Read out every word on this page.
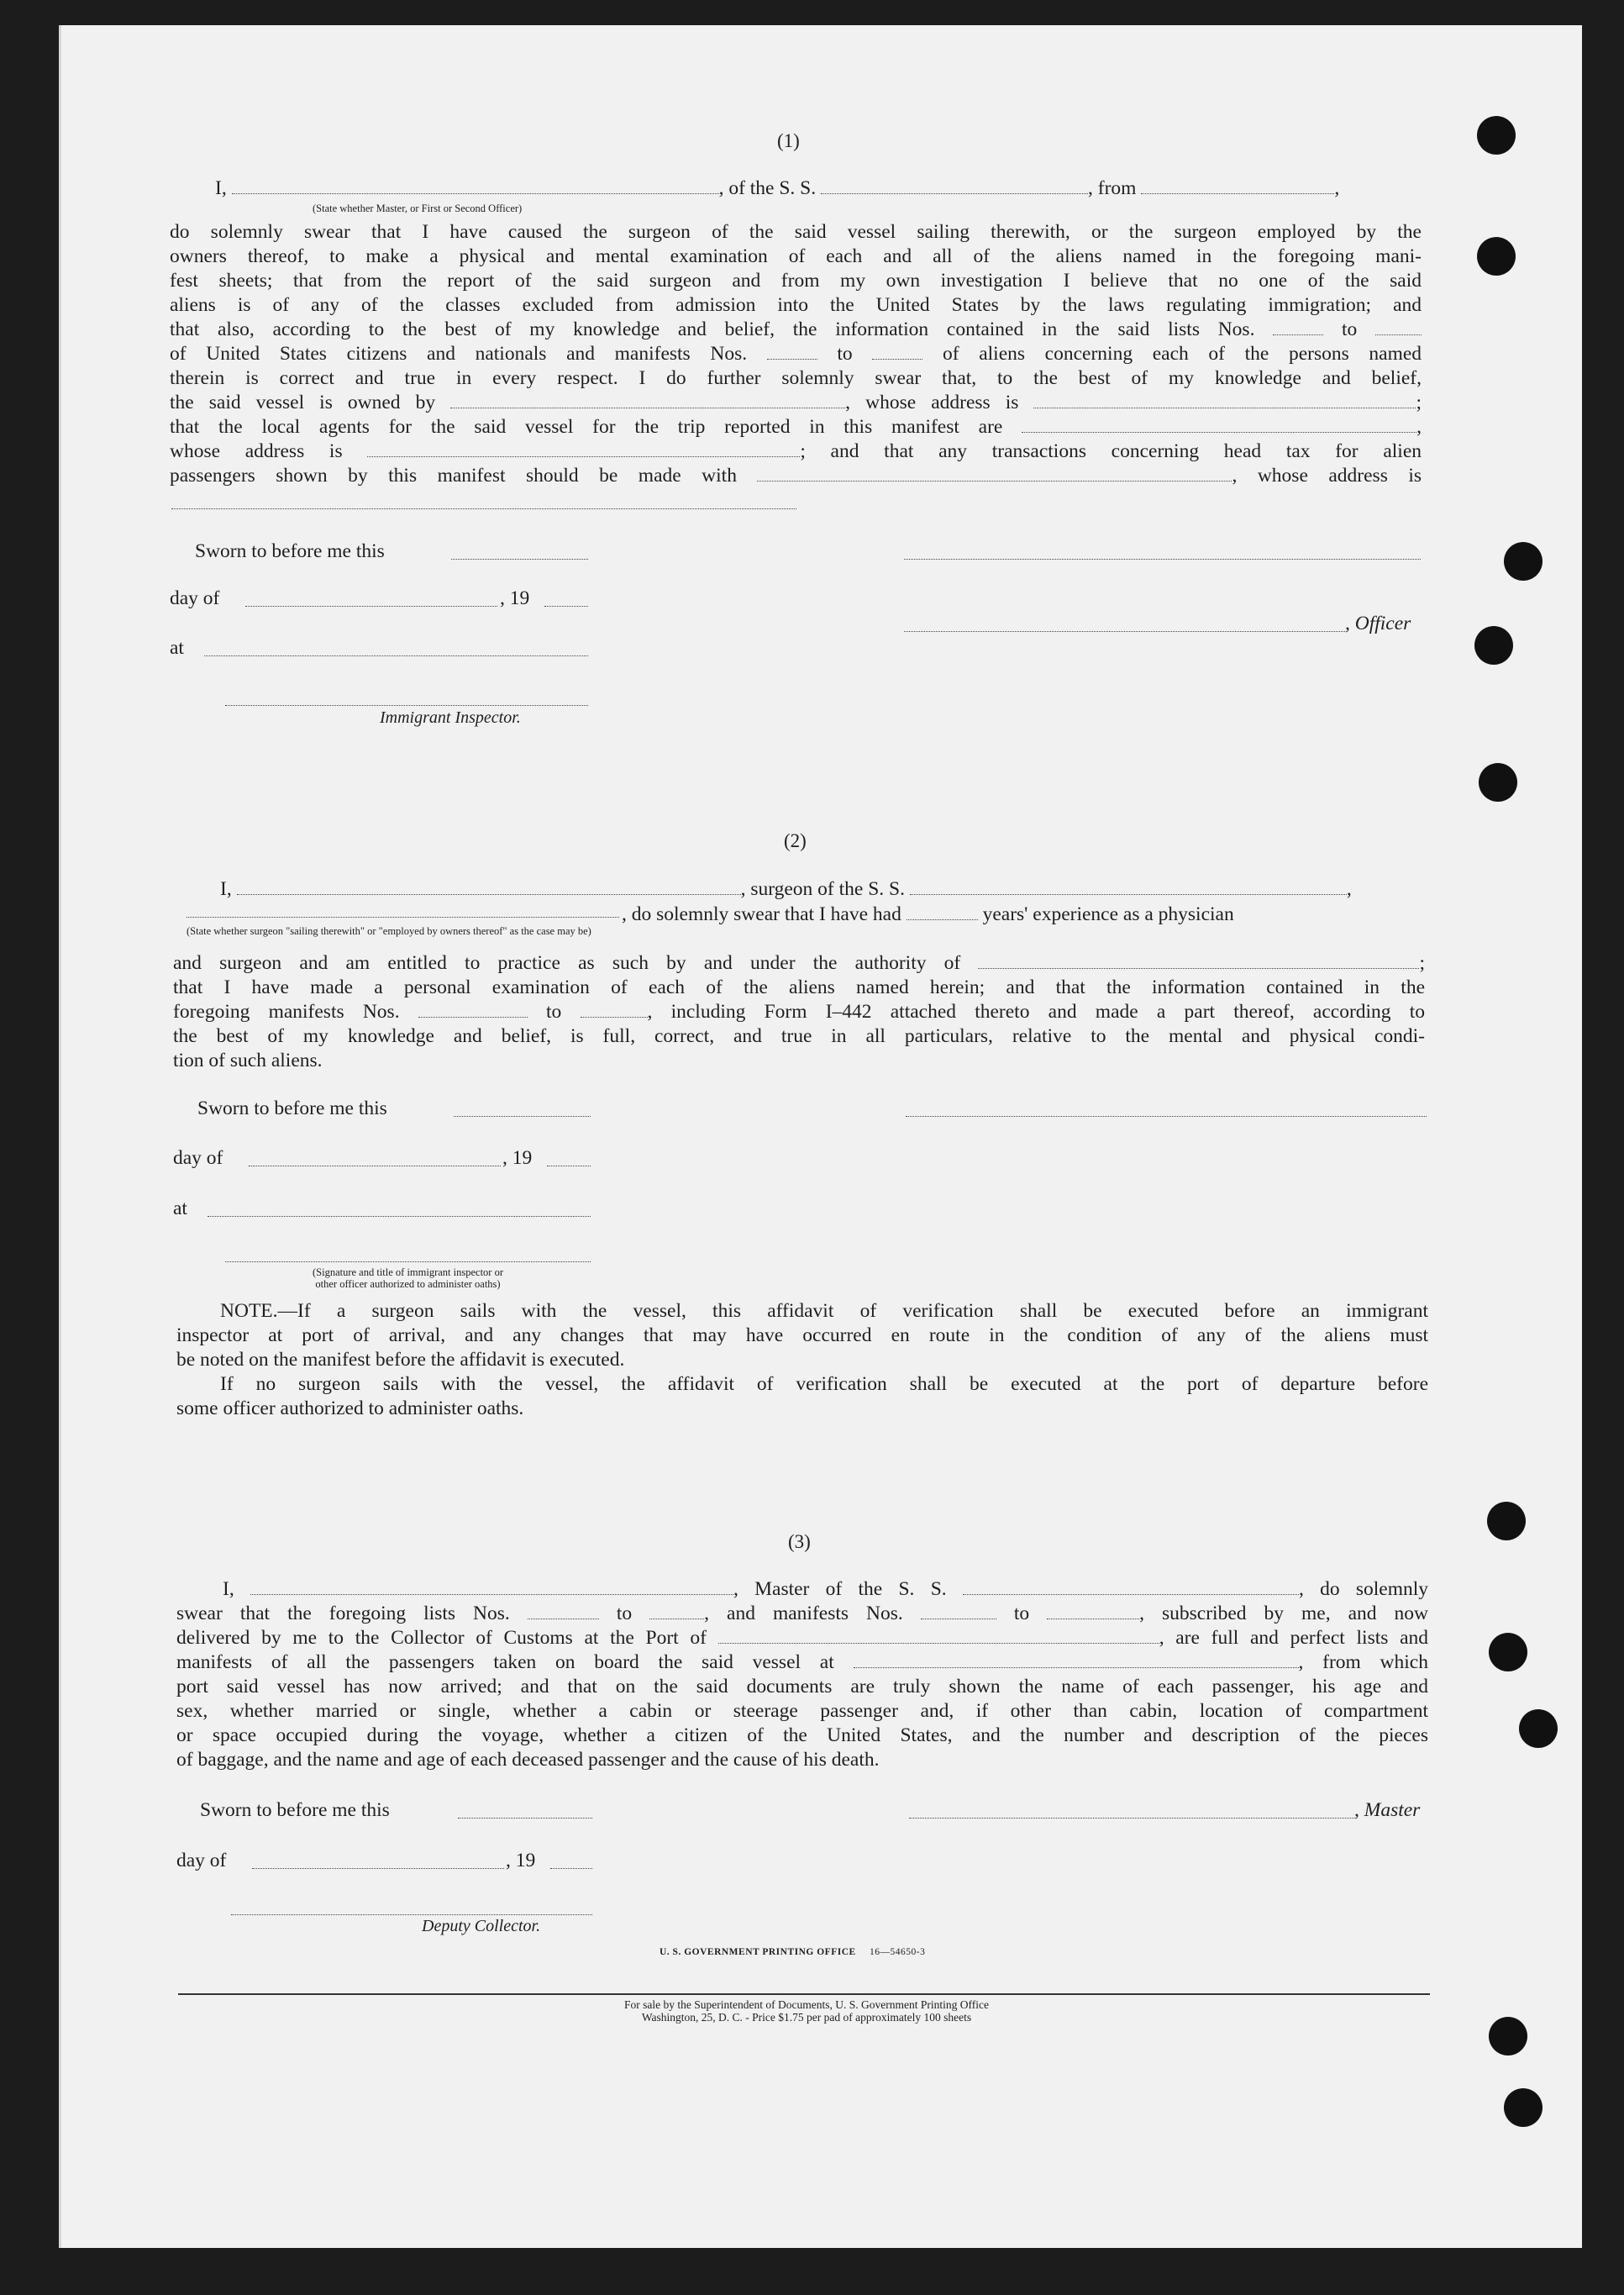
(1)
I,	, of the S. S.	, from	,
(State whether Master, or First or Second Officer)

do solemnly swear that I have caused the surgeon of the said vessel sailing therewith, or the surgeon employed by the

owners thereof, to make a physical and mental examination of each and all of the aliens named in the foregoing mani-

fest sheets; that from the report of the said surgeon and from my own investigation I believe that no one of the said

aliens is of any of the classes excluded from admission into the United States by the laws regulating immigration; and

that also, according to the best of my knowledge and belief, the information contained in the said lists Nos.	to

of United States citizens and nationals and manifests Nos.	to	of aliens concerning each of the persons named

therein is correct and true in every respect. I do further solemnly swear that, to the best of my knowledge and belief,

the said vessel is owned by	, whose address is	;

that the local agents for the said vessel for the trip reported in this manifest are	,

whose address is	; and that any transactions concerning head tax for alien

passengers shown by this manifest should be made with	, whose address is

Sworn to before me this
day of	, 19
, Officer
at
Immigrant Inspector.
(2)
I,	, surgeon of the S. S.	,
, do solemnly swear that I have had	years' experience as a physician
(State whether surgeon "sailing therewith" or "employed by owners thereof" as the case may be)

and surgeon and am entitled to practice as such by and under the authority of	;

that I have made a personal examination of each of the aliens named herein; and that the information contained in the

foregoing manifests Nos.	to	, including Form I–442 attached thereto and made a part thereof, according to

the best of my knowledge and belief, is full, correct, and true in all particulars, relative to the mental and physical condi-

tion of such aliens.

Sworn to before me this
day of	, 19
at
(Signature and title of immigrant inspector or
other officer authorized to administer oaths)

NOTE.—If a surgeon sails with the vessel, this affidavit of verification shall be executed before an immigrant

inspector at port of arrival, and any changes that may have occurred en route in the condition of any of the aliens must

be noted on the manifest before the affidavit is executed.

If no surgeon sails with the vessel, the affidavit of verification shall be executed at the port of departure before

some officer authorized to administer oaths.

(3)

I,	, Master of the S. S.	, do solemnly

swear that the foregoing lists Nos.	to	, and manifests Nos.	to	, subscribed by me, and now

delivered by me to the Collector of Customs at the Port of	, are full and perfect lists and

manifests of all the passengers taken on board the said vessel at	, from which

port said vessel has now arrived; and that on the said documents are truly shown the name of each passenger, his age and

sex, whether married or single, whether a cabin or steerage passenger and, if other than cabin, location of compartment

or space occupied during the voyage, whether a citizen of the United States, and the number and description of the pieces

of baggage, and the name and age of each deceased passenger and the cause of his death.

Sworn to before me this	, Master
day of	, 19
Deputy Collector.
U. S. GOVERNMENT PRINTING OFFICE 16—54650-3
For sale by the Superintendent of Documents, U. S. Government Printing Office
Washington, 25, D. C. - Price $1.75 per pad of approximately 100 sheets
